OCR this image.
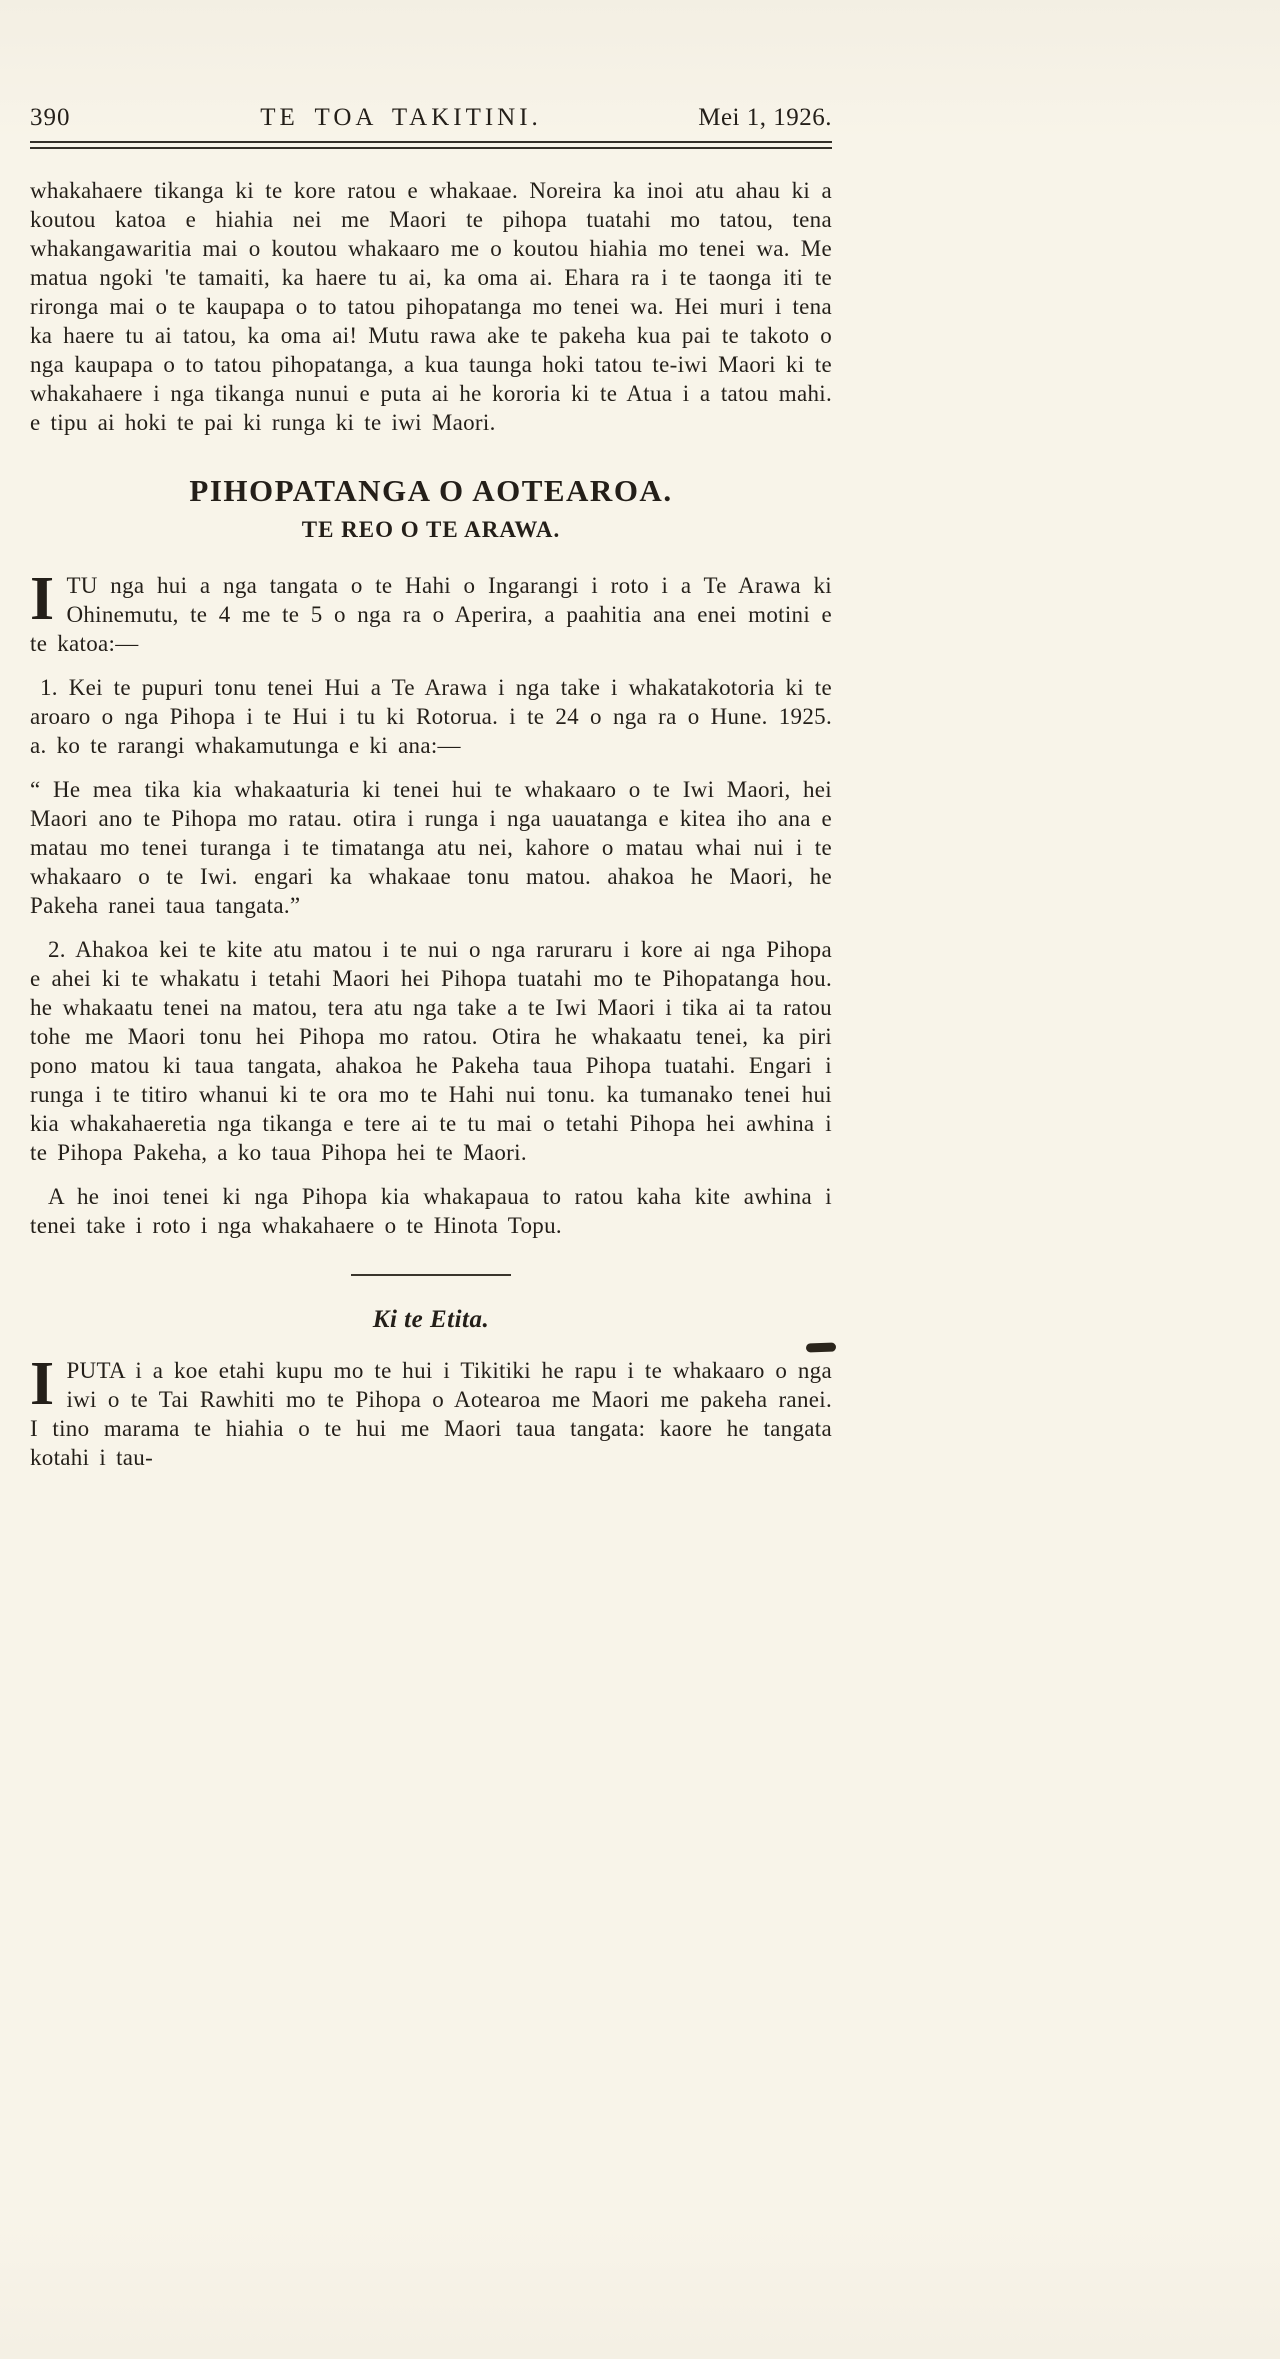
390	TE TOA TAKITINI.	Mei 1, 1926.

whakahaere tikanga ki te kore ratou e whakaae. Noreira ka inoi atu ahau ki a koutou katoa e hiahia nei me Maori te pihopa tuatahi mo tatou, tena whakangawaritia mai o koutou whakaaro me o koutou hiahia mo tenei wa. Me matua ngoki 'te tamaiti, ka haere tu ai, ka oma ai. Ehara ra i te taonga iti te rironga mai o te kaupapa o to tatou pihopatanga mo tenei wa. Hei muri i tena ka haere tu ai tatou, ka oma ai! Mutu rawa ake te pakeha kua pai te takoto o nga kaupapa o to tatou pihopatanga, a kua taunga hoki tatou te-iwi Maori ki te whakahaere i nga tikanga nunui e puta ai he kororia ki te Atua i a tatou mahi. e tipu ai hoki te pai ki runga ki te iwi Maori.

PIHOPATANGA O AOTEAROA.
TE REO O TE ARAWA.

ITU nga hui a nga tangata o te Hahi o Ingarangi i roto i a Te Arawa ki Ohinemutu, te 4 me te 5 o nga ra o Aperira, a paahitia ana enei motini e te katoa:—

1. Kei te pupuri tonu tenei Hui a Te Arawa i nga take i whakatakotoria ki te aroaro o nga Pihopa i te Hui i tu ki Rotorua. i te 24 o nga ra o Hune. 1925. a. ko te rarangi whakamutunga e ki ana:—

“ He mea tika kia whakaaturia ki tenei hui te whakaaro o te Iwi Maori, hei Maori ano te Pihopa mo ratau. otira i runga i nga uauatanga e kitea iho ana e matau mo tenei turanga i te timatanga atu nei, kahore o matau whai nui i te whakaaro o te Iwi. engari ka whakaae tonu matou. ahakoa he Maori, he Pakeha ranei taua tangata.”

2. Ahakoa kei te kite atu matou i te nui o nga raruraru i kore ai nga Pihopa e ahei ki te whakatu i tetahi Maori hei Pihopa tuatahi mo te Pihopatanga hou. he whakaatu tenei na matou, tera atu nga take a te Iwi Maori i tika ai ta ratou tohe me Maori tonu hei Pihopa mo ratou. Otira he whakaatu tenei, ka piri pono matou ki taua tangata, ahakoa he Pakeha taua Pihopa tuatahi. Engari i runga i te titiro whanui ki te ora mo te Hahi nui tonu. ka tumanako tenei hui kia whakahaeretia nga tikanga e tere ai te tu mai o tetahi Pihopa hei awhina i te Pihopa Pakeha, a ko taua Pihopa hei te Maori.

A he inoi tenei ki nga Pihopa kia whakapaua to ratou kaha kite awhina i tenei take i roto i nga whakahaere o te Hinota Topu.

Ki te Etita.

IPUTA i a koe etahi kupu mo te hui i Tikitiki he rapu i te whakaaro o nga iwi o te Tai Rawhiti mo te Pihopa o Aotearoa me Maori me pakeha ranei. I tino marama te hiahia o te hui me Maori taua tangata: kaore he tangata kotahi i tau-
